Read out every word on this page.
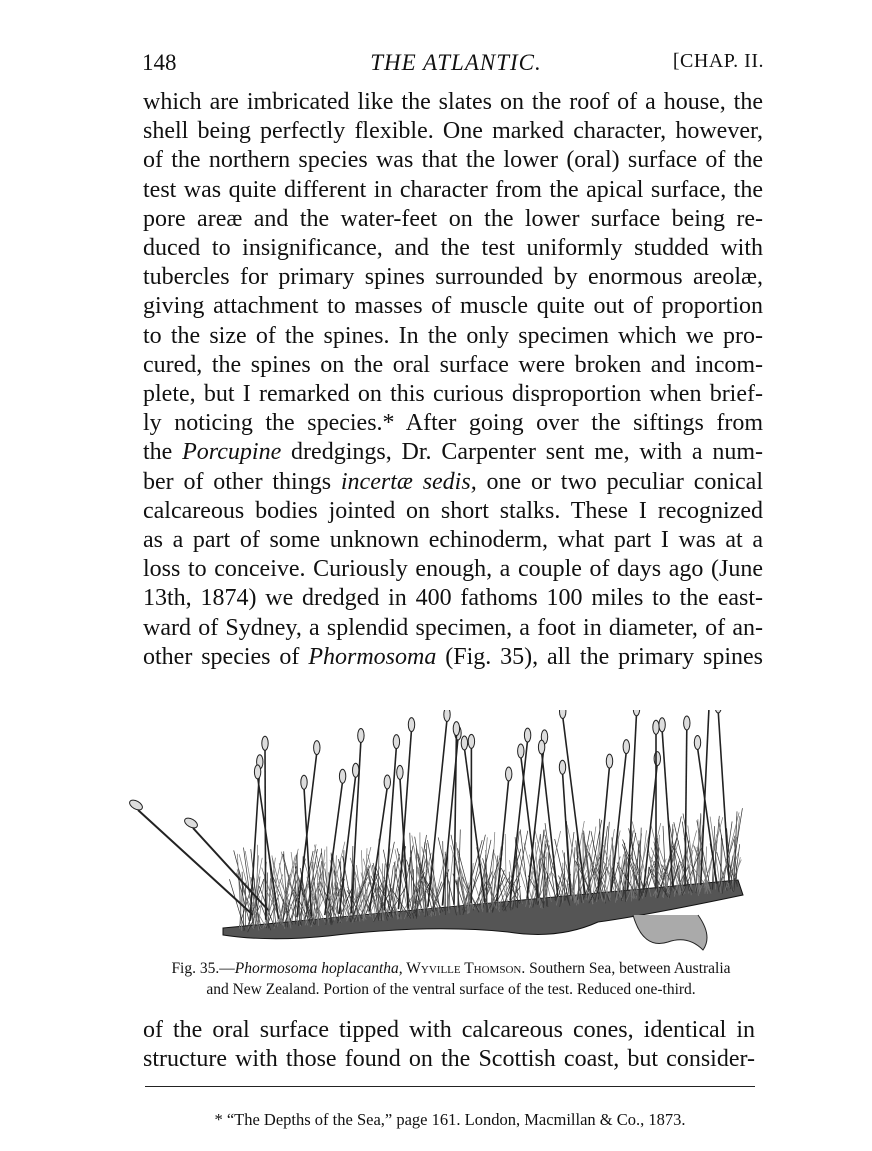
148	THE ATLANTIC.	[CHAP. II.
which are imbricated like the slates on the roof of a house, the
shell being perfectly flexible. One marked character, however,
of the northern species was that the lower (oral) surface of the
test was quite different in character from the apical surface, the
pore areæ and the water-feet on the lower surface being re-
duced to insignificance, and the test uniformly studded with
tubercles for primary spines surrounded by enormous areolæ,
giving attachment to masses of muscle quite out of proportion
to the size of the spines. In the only specimen which we pro-
cured, the spines on the oral surface were broken and incom-
plete, but I remarked on this curious disproportion when brief-
ly noticing the species.* After going over the siftings from
the Porcupine dredgings, Dr. Carpenter sent me, with a num-
ber of other things incertæ sedis, one or two peculiar conical
calcareous bodies jointed on short stalks. These I recognized
as a part of some unknown echinoderm, what part I was at a
loss to conceive. Curiously enough, a couple of days ago (June
13th, 1874) we dredged in 400 fathoms 100 miles to the east-
ward of Sydney, a splendid specimen, a foot in diameter, of an-
other species of Phormosoma (Fig. 35), all the primary spines
Fig. 35.—Phormosoma hoplacantha, Wyville Thomson. Southern Sea, between Australia
and New Zealand. Portion of the ventral surface of the test. Reduced one-third.
of the oral surface tipped with calcareous cones, identical in
structure with those found on the Scottish coast, but consider-
* “The Depths of the Sea,” page 161. London, Macmillan & Co., 1873.
